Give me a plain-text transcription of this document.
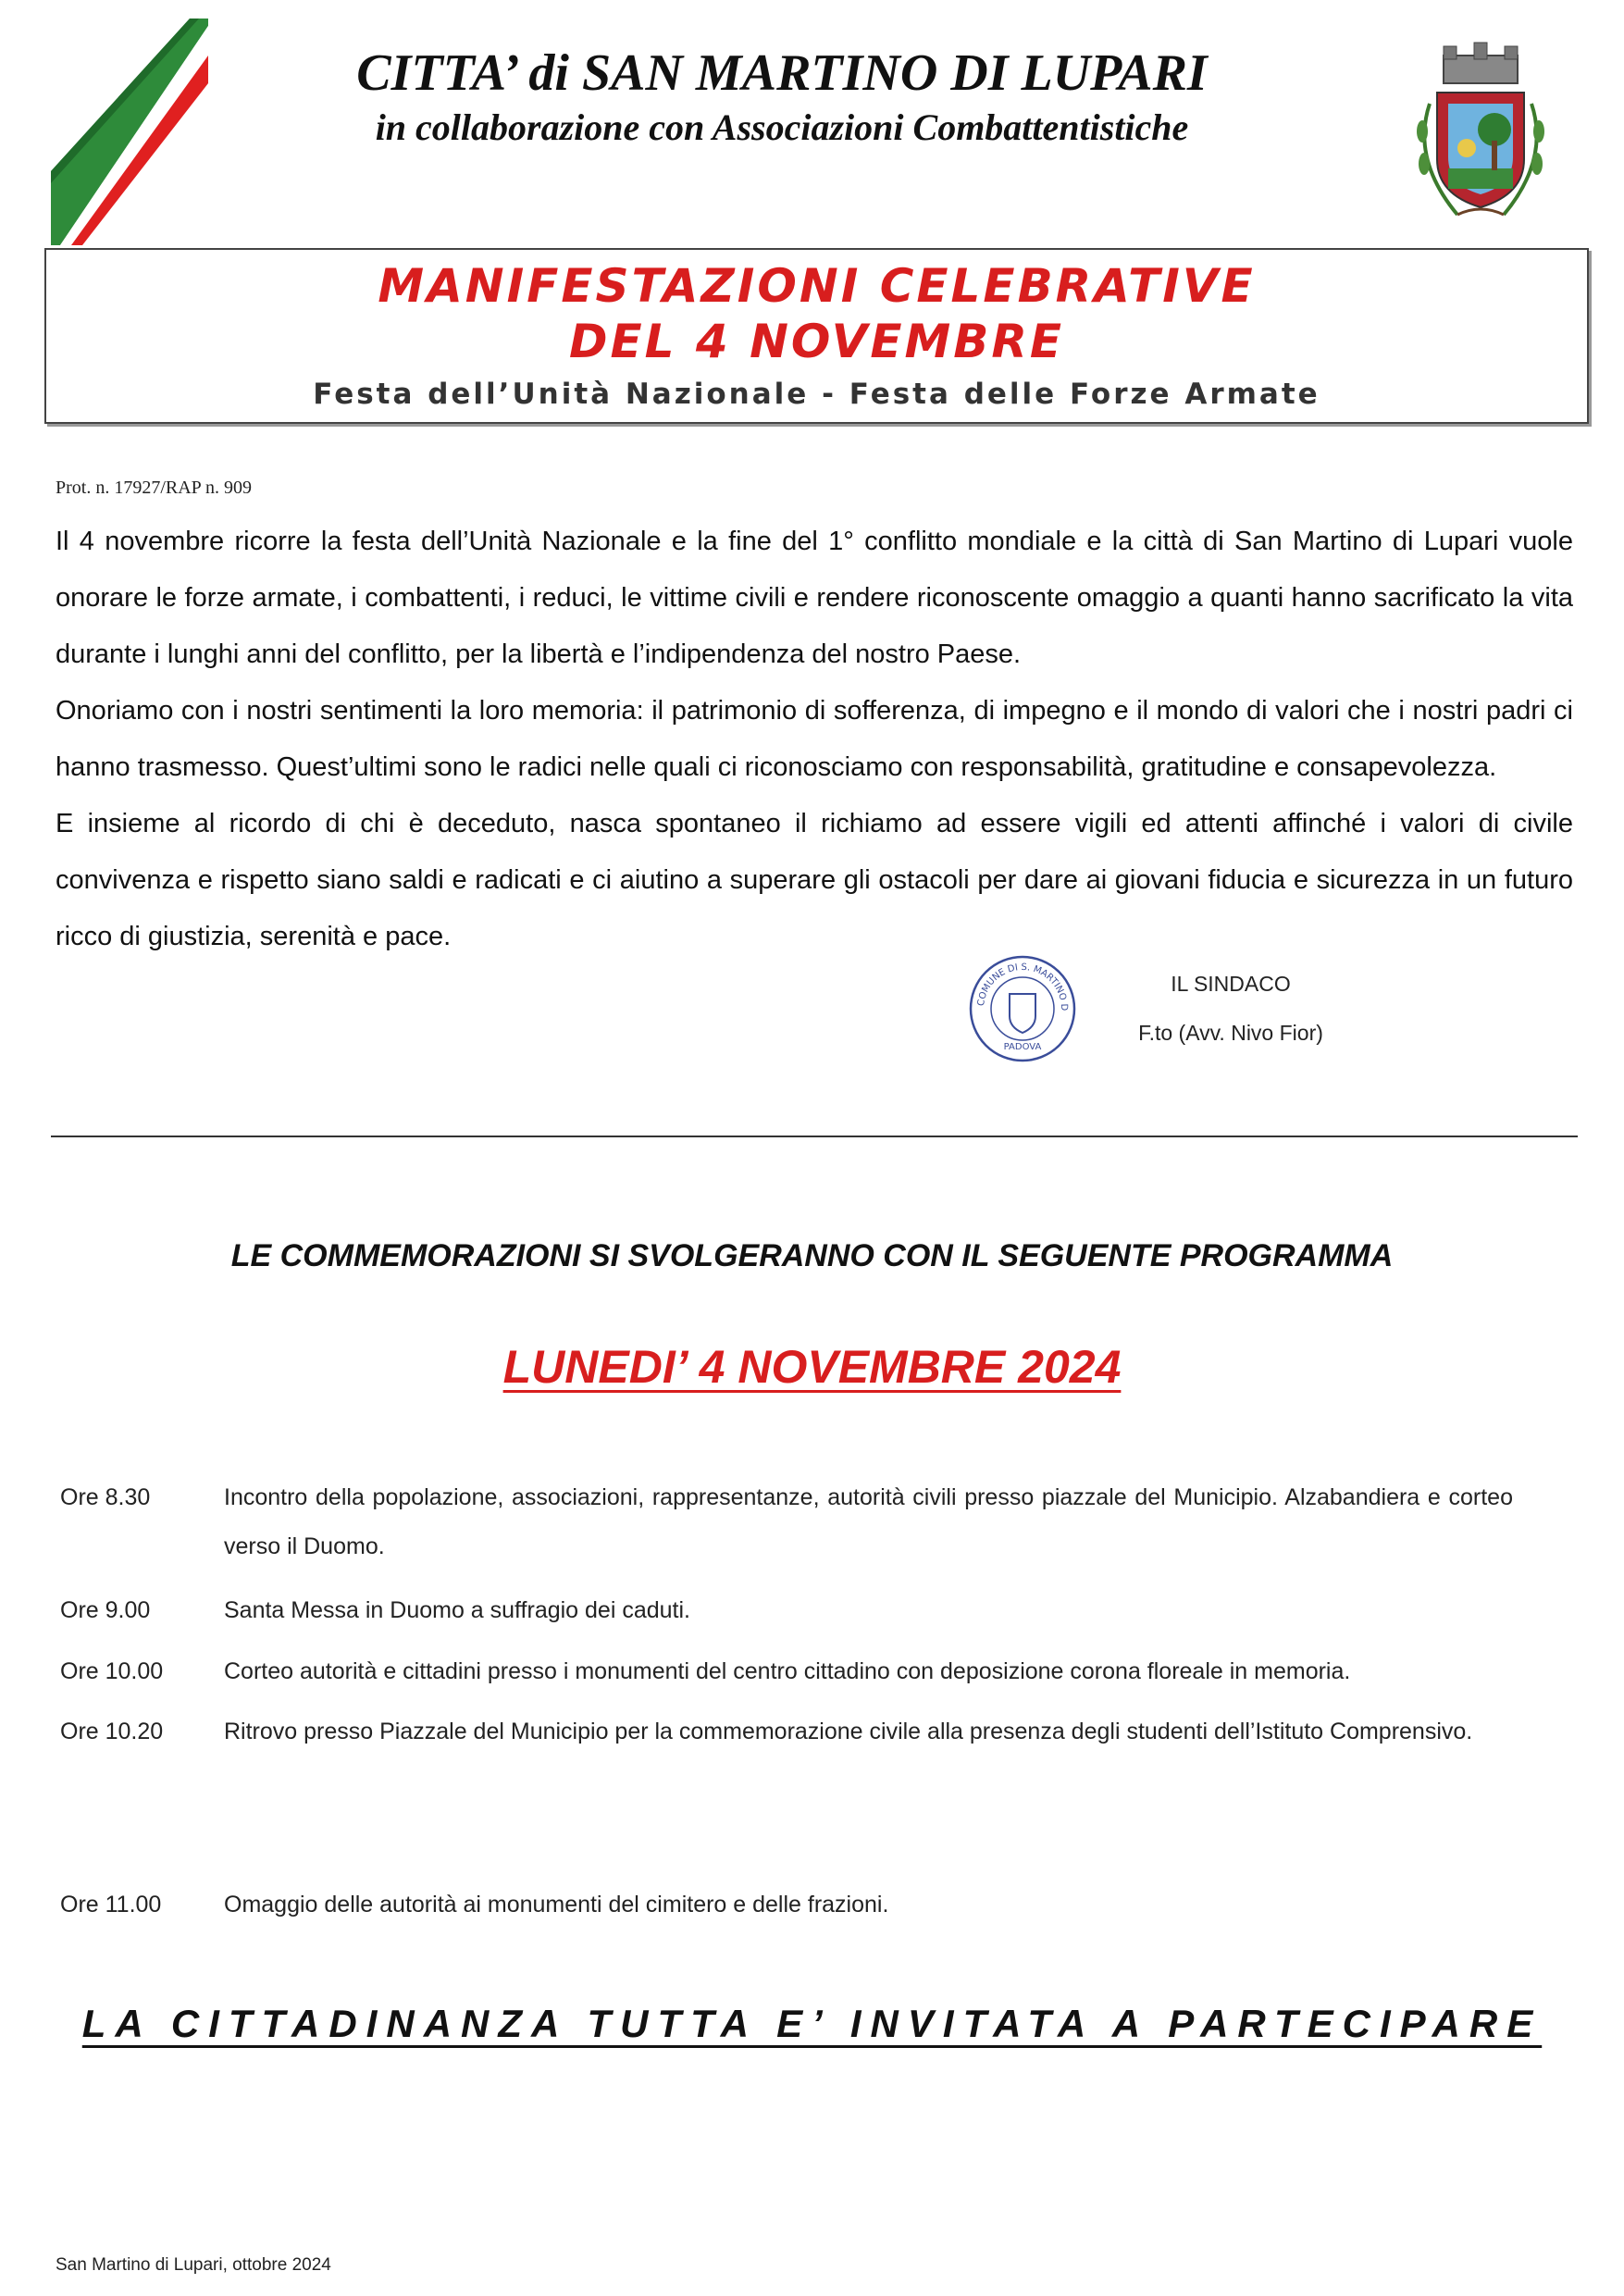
CITTA’ di SAN MARTINO DI LUPARI
in collaborazione con Associazioni Combattentistiche
MANIFESTAZIONI CELEBRATIVE
DEL 4 NOVEMBRE
Festa dell’Unità Nazionale - Festa delle Forze Armate
Prot. n. 17927/RAP n. 909

Il 4 novembre ricorre la festa dell’Unità Nazionale e la fine del 1° conflitto mondiale e la città di San Martino di Lupari vuole onorare le forze armate, i combattenti, i reduci, le vittime civili e rendere riconoscente omaggio a quanti hanno sacrificato la vita durante i lunghi anni del conflitto, per la libertà e l’indipendenza del nostro Paese.

Onoriamo con i nostri sentimenti la loro memoria: il patrimonio di sofferenza, di impegno e il mondo di valori che i nostri padri ci hanno trasmesso. Quest’ultimi sono le radici nelle quali ci riconosciamo con responsabilità, gratitudine e consapevolezza.

E insieme al ricordo di chi è deceduto, nasca spontaneo il richiamo ad essere vigili ed attenti affinché i valori di civile convivenza e rispetto siano saldi e radicati e ci aiutino a superare gli ostacoli per dare ai giovani fiducia e sicurezza in un futuro ricco di giustizia, serenità e pace.

COMUNE DI S. MARTINO D
PADOVA
IL SINDACO
F.to (Avv. Nivo Fior)
LE COMMEMORAZIONI SI SVOLGERANNO CON IL SEGUENTE PROGRAMMA
LUNEDI’ 4 NOVEMBRE 2024
Ore 8.30	Incontro della popolazione, associazioni, rappresentanze, autorità civili presso piazzale del Municipio. Alzabandiera e corteo verso il Duomo.
Ore 9.00	Santa Messa in Duomo a suffragio dei caduti.
Ore 10.00	Corteo autorità e cittadini presso i monumenti del centro cittadino con deposizione corona floreale in memoria.
Ore 10.20	Ritrovo presso Piazzale del Municipio per la commemorazione civile alla presenza degli studenti dell’Istituto Comprensivo.
Ore 11.00	Omaggio delle autorità ai monumenti del cimitero e delle frazioni.
LA CITTADINANZA TUTTA E’ INVITATA A PARTECIPARE
San Martino di Lupari, ottobre 2024
